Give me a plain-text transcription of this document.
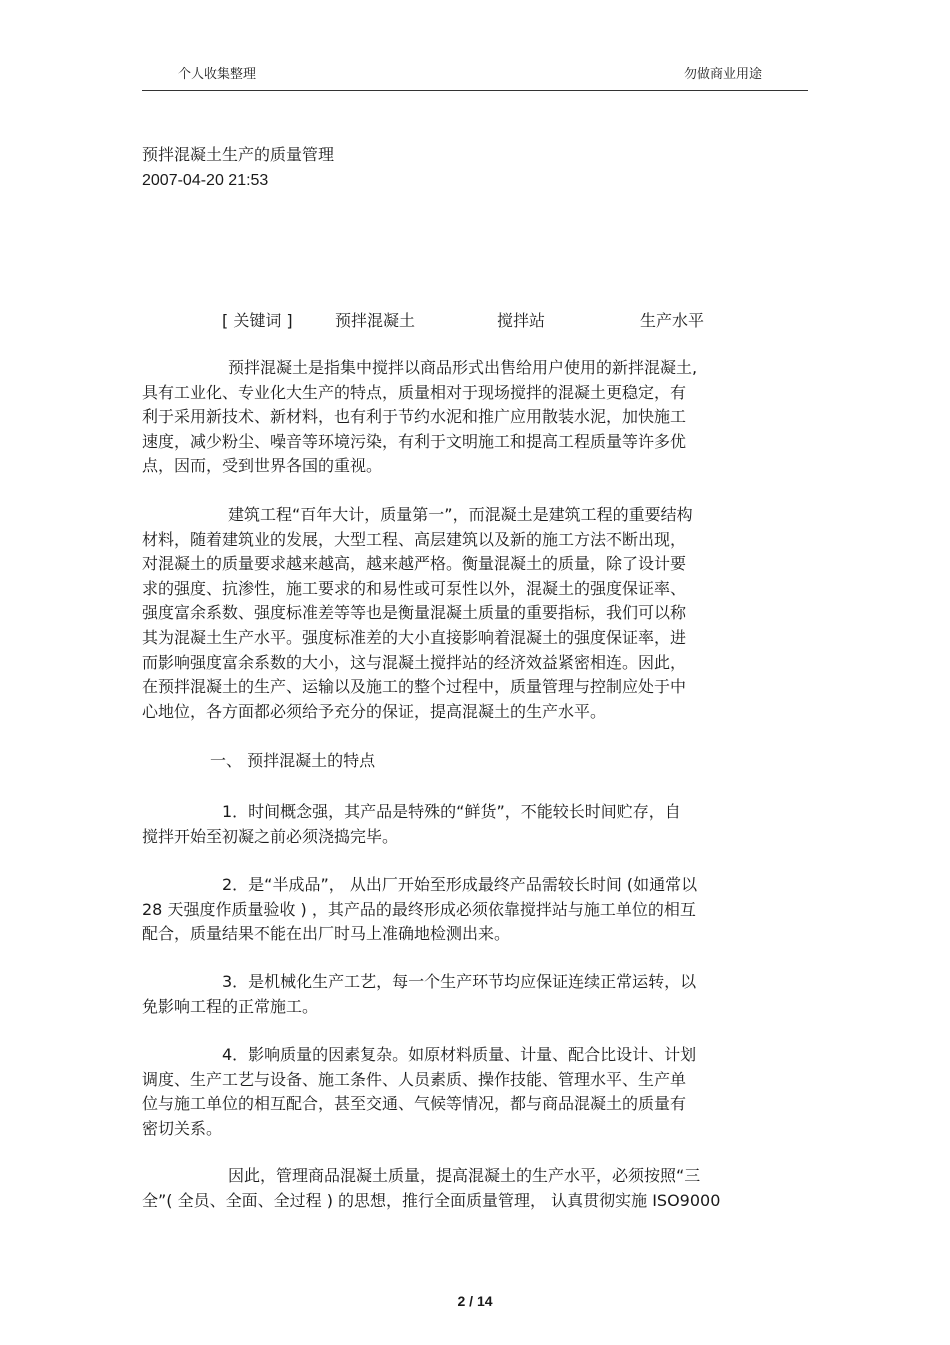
个人收集整理	勿做商业用途
预拌混凝土生产的质量管理
2007-04-20 21:53
[ 关键词 ]	预拌混凝土	搅拌站	生产水平
预拌混凝土是指集中搅拌以商品形式出售给用户使用的新拌混凝土,
具有工业化、专业化大生产的特点，质量相对于现场搅拌的混凝土更稳定，有
利于采用新技术、新材料，也有利于节约水泥和推广应用散装水泥，加快施工
速度，减少粉尘、噪音等环境污染，有利于文明施工和提高工程质量等许多优
点，因而，受到世界各国的重视。
建筑工程“百年大计，质量第一”，而混凝土是建筑工程的重要结构
材料，随着建筑业的发展，大型工程、高层建筑以及新的施工方法不断出现，
对混凝土的质量要求越来越高，越来越严格。衡量混凝土的质量，除了设计要
求的强度、抗渗性，施工要求的和易性或可泵性以外，混凝土的强度保证率、
强度富余系数、强度标准差等等也是衡量混凝土质量的重要指标，我们可以称
其为混凝土生产水平。强度标准差的大小直接影响着混凝土的强度保证率，进
而影响强度富余系数的大小，这与混凝土搅拌站的经济效益紧密相连。因此，
在预拌混凝土的生产、运输以及施工的整个过程中，质量管理与控制应处于中
心地位，各方面都必须给予充分的保证，提高混凝土的生产水平。
一、 预拌混凝土的特点
1．时间概念强，其产品是特殊的“鲜货”，不能较长时间贮存，自
搅拌开始至初凝之前必须浇捣完毕。
2．是“半成品”， 从出厂开始至形成最终产品需较长时间 (如通常以
28 天强度作质量验收 ) ，其产品的最终形成必须依靠搅拌站与施工单位的相互
配合，质量结果不能在出厂时马上准确地检测出来。
3．是机械化生产工艺，每一个生产环节均应保证连续正常运转，以
免影响工程的正常施工。
4．影响质量的因素复杂。如原材料质量、计量、配合比设计、计划
调度、生产工艺与设备、施工条件、人员素质、操作技能、管理水平、生产单
位与施工单位的相互配合，甚至交通、气候等情况，都与商品混凝土的质量有
密切关系。
因此，管理商品混凝土质量，提高混凝土的生产水平，必须按照“三
全”( 全员、全面、全过程 ) 的思想，推行全面质量管理， 认真贯彻实施 ISO9000
2 / 14
